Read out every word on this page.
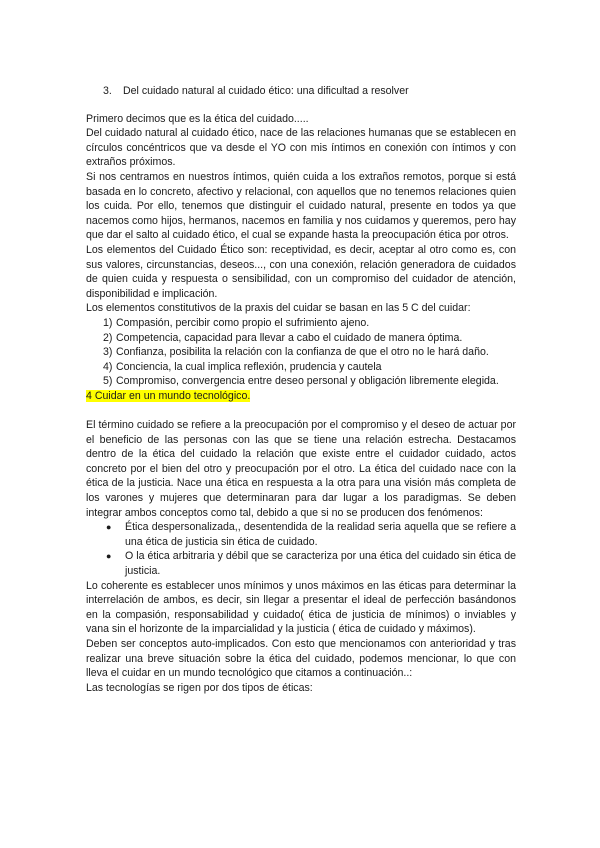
3.	Del cuidado natural al cuidado ético: una dificultad a resolver

Primero decimos que es la ética del cuidado.....

Del cuidado natural al cuidado ético, nace de las relaciones humanas que se establecen en círculos concéntricos que va desde el YO con mis íntimos en conexión con íntimos y con extraños próximos.

Si nos centramos en nuestros íntimos, quién cuida a los extraños remotos, porque si está basada en lo concreto, afectivo y relacional, con aquellos que no tenemos relaciones quien los cuida. Por ello, tenemos que distinguir el cuidado natural, presente en todos ya que nacemos como hijos, hermanos, nacemos en familia y nos cuidamos y queremos, pero hay que dar el salto al cuidado ético, el cual se expande hasta la preocupación ética por otros.

Los elementos del Cuidado Ético son: receptividad, es decir, aceptar al otro como es, con sus valores, circunstancias, deseos..., con una conexión, relación generadora de cuidados de quien cuida y respuesta o sensibilidad, con un compromiso del cuidador de atención, disponibilidad e implicación.

Los elementos constitutivos de la praxis del cuidar se basan en las 5 C del cuidar:

1) Compasión, percibir como propio el sufrimiento ajeno.
2) Competencia, capacidad para llevar a cabo el cuidado de manera óptima.
3) Confianza, posibilita la relación con la confianza de que el otro no le hará daño.
4) Conciencia, la cual implica reflexión, prudencia y cautela
5) Compromiso, convergencia entre deseo personal y obligación libremente elegida.

4 Cuidar en un mundo tecnológico.

El término cuidado se refiere a la preocupación por el compromiso y el deseo de actuar por el beneficio de las personas con las que se tiene una relación estrecha. Destacamos dentro de la ética del cuidado la relación que existe entre el cuidador cuidado, actos concreto por el bien del otro y preocupación por el otro. La ética del cuidado nace con la ética de la justicia. Nace una ética en respuesta a la otra para una visión más completa de los varones y mujeres que determinaran para dar lugar a los paradigmas. Se deben integrar ambos conceptos como tal, debido a que si no se producen dos fenómenos:

●	Ética despersonalizada,, desentendida de la realidad seria aquella que se refiere a una ética de justicia sin ética de cuidado.
●	O la ética arbitraria y débil que se caracteriza por una ética del cuidado sin ética de justicia.

Lo coherente es establecer unos mínimos y unos máximos en las éticas para determinar la interrelación de ambos, es decir, sin llegar a presentar el ideal de perfección basándonos en la compasión, responsabilidad y cuidado( ética de justicia de mínimos) o inviables y vana sin el horizonte de la imparcialidad y la justicia ( ética de cuidado y máximos).

Deben ser conceptos auto-implicados. Con esto que mencionamos con anterioridad y tras realizar una breve situación sobre la ética del cuidado, podemos mencionar, lo que con lleva el cuidar en un mundo tecnológico que citamos a continuación..:

Las tecnologías se rigen por dos tipos de éticas:
